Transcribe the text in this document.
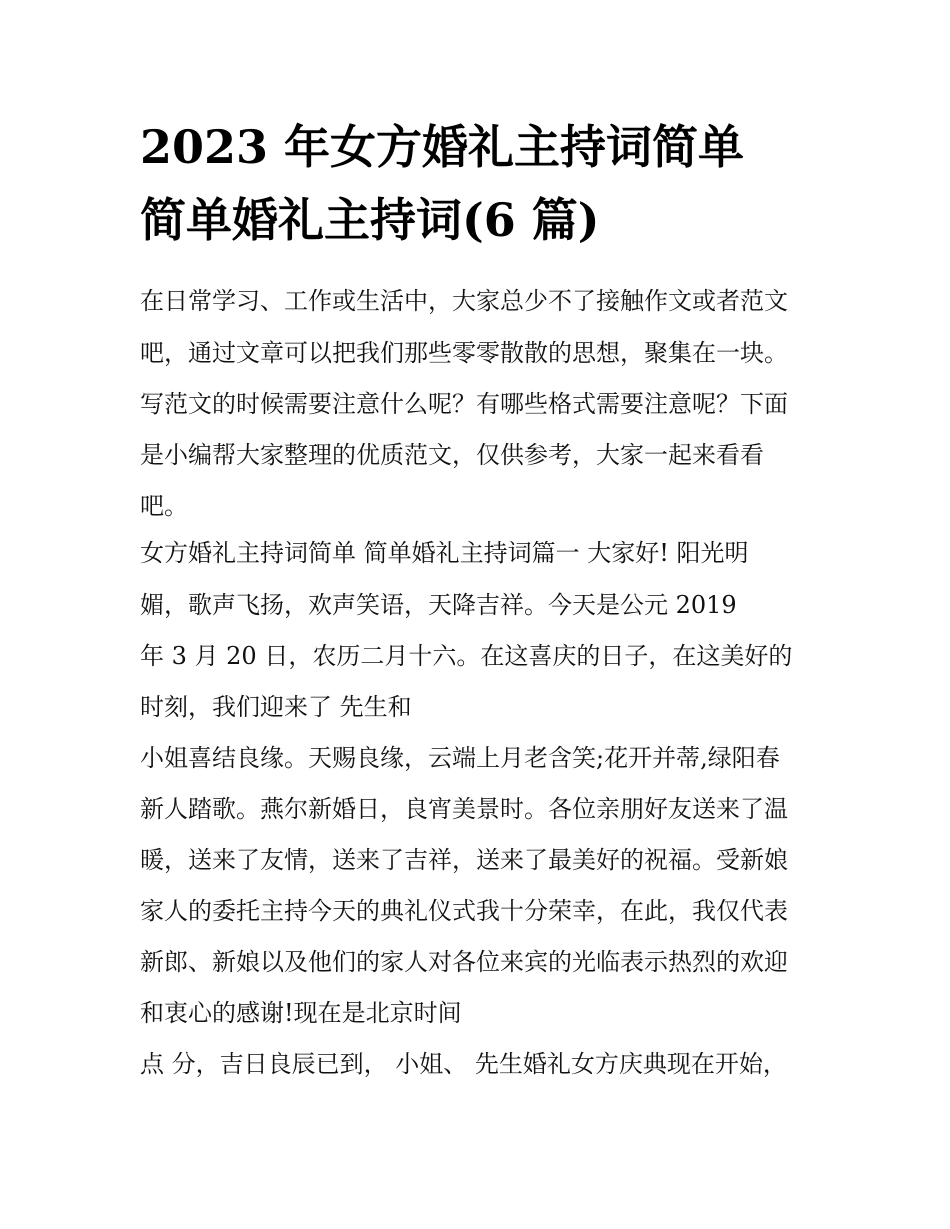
2023 年女方婚礼主持词简单
简单婚礼主持词(6 篇)

在日常学习、工作或生活中，大家总少不了接触作文或者范文

吧，通过文章可以把我们那些零零散散的思想，聚集在一块。

写范文的时候需要注意什么呢？有哪些格式需要注意呢？下面

是小编帮大家整理的优质范文，仅供参考，大家一起来看看

吧。

女方婚礼主持词简单 简单婚礼主持词篇一 大家好! 阳光明

媚，歌声飞扬，欢声笑语，天降吉祥。今天是公元 2019

年 3 月 20 日，农历二月十六。在这喜庆的日子，在这美好的

时刻，我们迎来了 先生和

小姐喜结良缘。天赐良缘，云端上月老含笑;花开并蒂,绿阳春

新人踏歌。燕尔新婚日，良宵美景时。各位亲朋好友送来了温

暖，送来了友情，送来了吉祥，送来了最美好的祝福。受新娘

家人的委托主持今天的典礼仪式我十分荣幸，在此，我仅代表

新郎、新娘以及他们的家人对各位来宾的光临表示热烈的欢迎

和衷心的感谢!现在是北京时间

点 分，吉日良辰已到， 小姐、 先生婚礼女方庆典现在开始，
